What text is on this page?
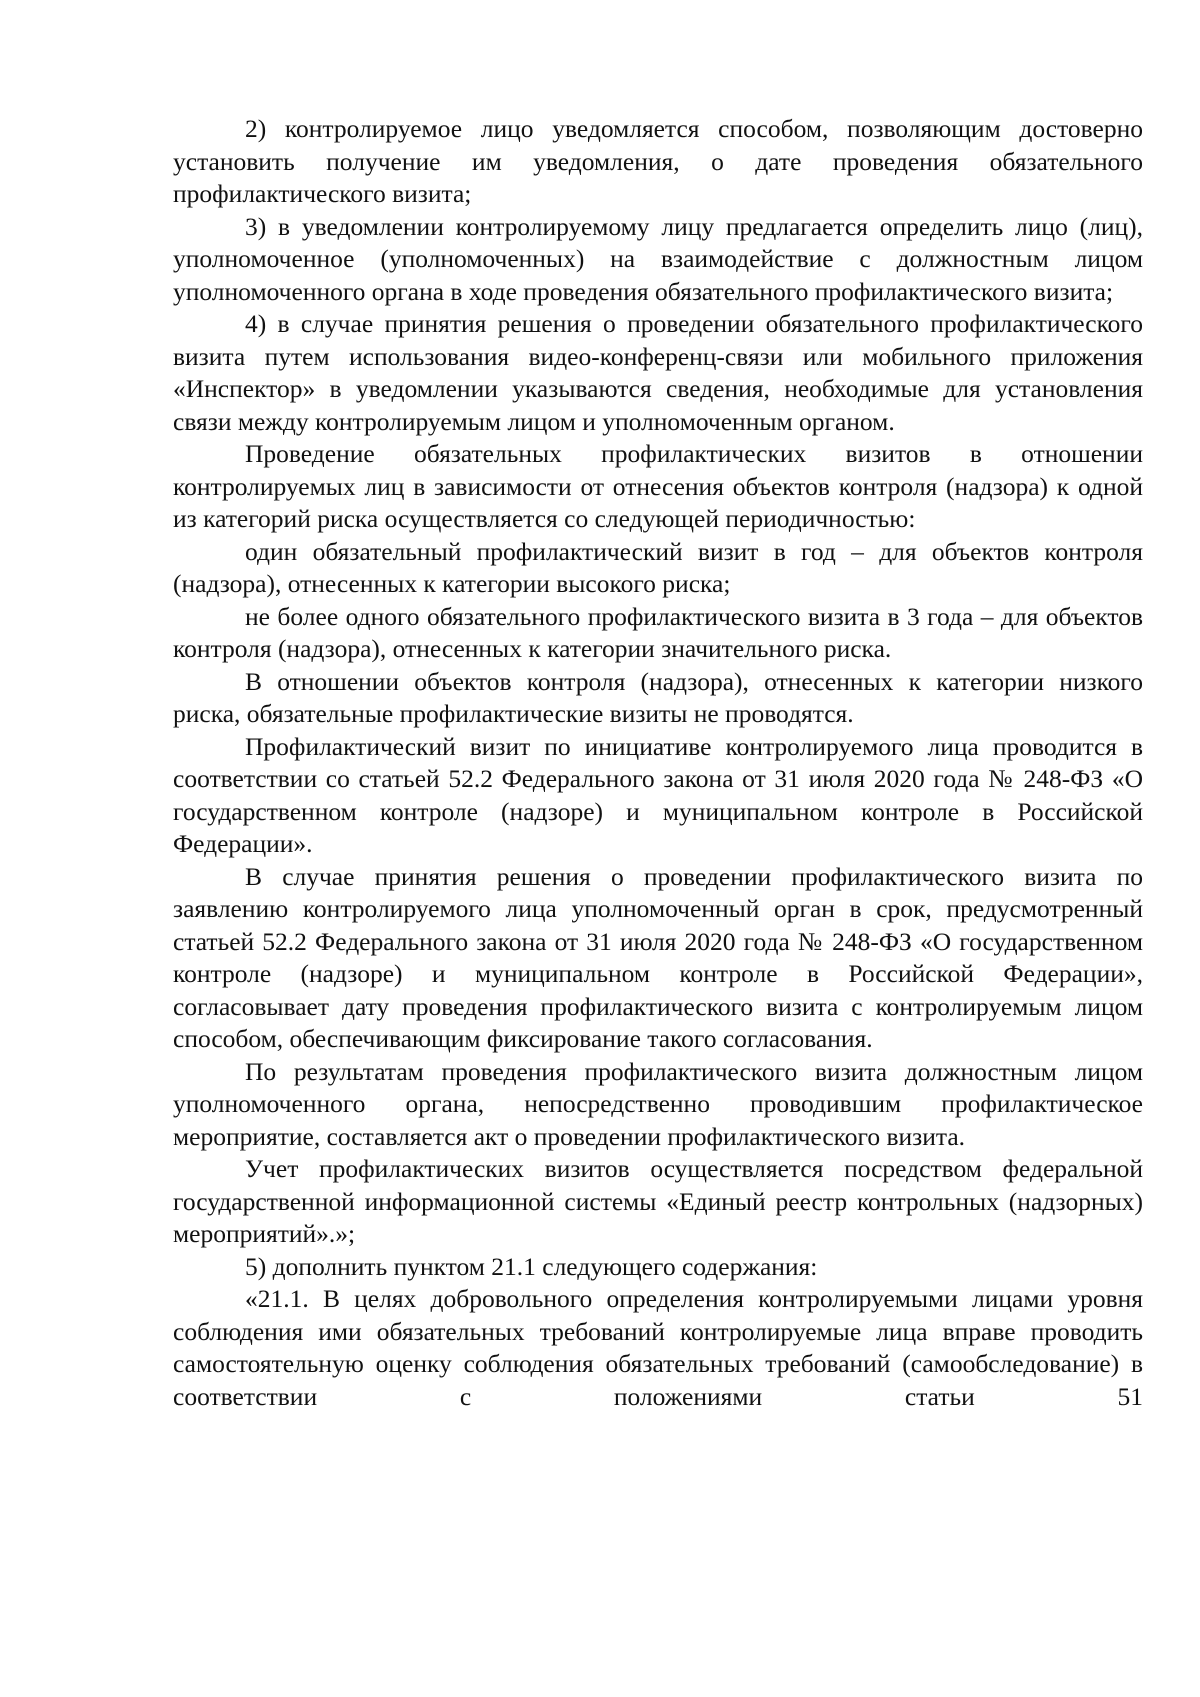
2) контролируемое лицо уведомляется способом, позволяющим достоверно установить получение им уведомления, о дате проведения обязательного профилактического визита;

3) в уведомлении контролируемому лицу предлагается определить лицо (лиц), уполномоченное (уполномоченных) на взаимодействие с должностным лицом уполномоченного органа в ходе проведения обязательного профилактического визита;

4) в случае принятия решения о проведении обязательного профилактического визита путем использования видео-конференц-связи или мобильного приложения «Инспектор» в уведомлении указываются сведения, необходимые для установления связи между контролируемым лицом и уполномоченным органом.

Проведение обязательных профилактических визитов в отношении контролируемых лиц в зависимости от отнесения объектов контроля (надзора) к одной из категорий риска осуществляется со следующей периодичностью:

один обязательный профилактический визит в год – для объектов контроля (надзора), отнесенных к категории высокого риска;

не более одного обязательного профилактического визита в 3 года – для объектов контроля (надзора), отнесенных к категории значительного риска.

В отношении объектов контроля (надзора), отнесенных к категории низкого риска, обязательные профилактические визиты не проводятся.

Профилактический визит по инициативе контролируемого лица проводится в соответствии со статьей 52.2 Федерального закона от 31 июля 2020 года № 248-ФЗ «О государственном контроле (надзоре) и муниципальном контроле в Российской Федерации».

В случае принятия решения о проведении профилактического визита по заявлению контролируемого лица уполномоченный орган в срок, предусмотренный статьей 52.2 Федерального закона от 31 июля 2020 года № 248-ФЗ «О государственном контроле (надзоре) и муниципальном контроле в Российской Федерации», согласовывает дату проведения профилактического визита с контролируемым лицом способом, обеспечивающим фиксирование такого согласования.

По результатам проведения профилактического визита должностным лицом уполномоченного органа, непосредственно проводившим профилактическое мероприятие, составляется акт о проведении профилактического визита.

Учет профилактических визитов осуществляется посредством федеральной государственной информационной системы «Единый реестр контрольных (надзорных) мероприятий».»;

5) дополнить пунктом 21.1 следующего содержания:

«21.1. В целях добровольного определения контролируемыми лицами уровня соблюдения ими обязательных требований контролируемые лица вправе проводить самостоятельную оценку соблюдения обязательных требований (самообследование) в соответствии с положениями статьи 51
